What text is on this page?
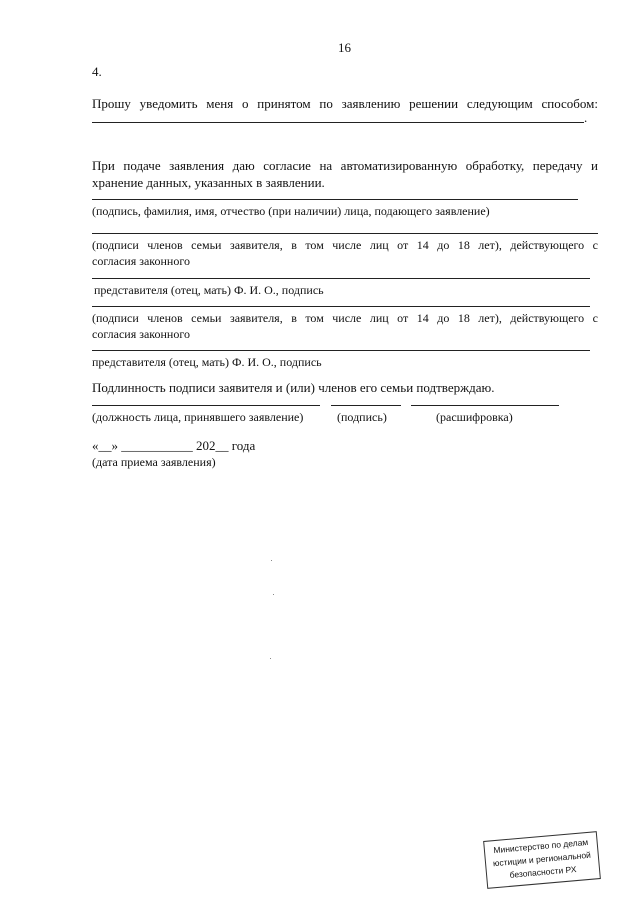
16
4.
Прошу уведомить меня о принятом по заявлению решении следующим способом:
.
При подаче заявления даю согласие на автоматизированную обработку, передачу и
хранение данных, указанных в заявлении.
(подпись, фамилия, имя, отчество (при наличии) лица, подающего заявление)
(подписи членов семьи заявителя, в том числе лиц от 14 до 18 лет), действующего с
согласия законного
представителя (отец, мать) Ф. И. О., подпись
(подписи членов семьи заявителя, в том числе лиц от 14 до 18 лет), действующего с
согласия законного
представителя (отец, мать) Ф. И. О., подпись
Подлинность подписи заявителя и (или) членов его семьи подтверждаю.
(должность лица, принявшего заявление)	(подпись)	(расшифровка)
«__» ___________ 202__ года
(дата приема заявления)
Министерство по делам
юстиции и региональной
безопасности РХ
